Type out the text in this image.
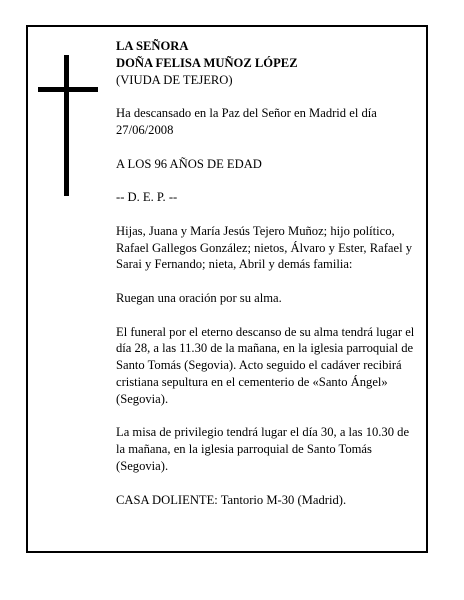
LA SEÑORA
DOÑA FELISA MUÑOZ LÓPEZ
(VIUDA DE TEJERO)

Ha descansado en la Paz del Señor en Madrid el día 27/06/2008

A LOS 96 AÑOS DE EDAD

-- D. E. P. --

Hijas, Juana y María Jesús Tejero Muñoz; hijo político, Rafael Gallegos González; nietos, Álvaro y Ester, Rafael y Sarai y Fernando; nieta, Abril y demás familia:

Ruegan una oración por su alma.

El funeral por el eterno descanso de su alma tendrá lugar el día 28, a las 11.30 de la mañana, en la iglesia parroquial de Santo Tomás (Segovia). Acto seguido el cadáver recibirá cristiana sepultura en el cementerio de «Santo Ángel» (Segovia).

La misa de privilegio tendrá lugar el día 30, a las 10.30 de la mañana, en la iglesia parroquial de Santo Tomás (Segovia).

CASA DOLIENTE: Tantorio M-30 (Madrid).
